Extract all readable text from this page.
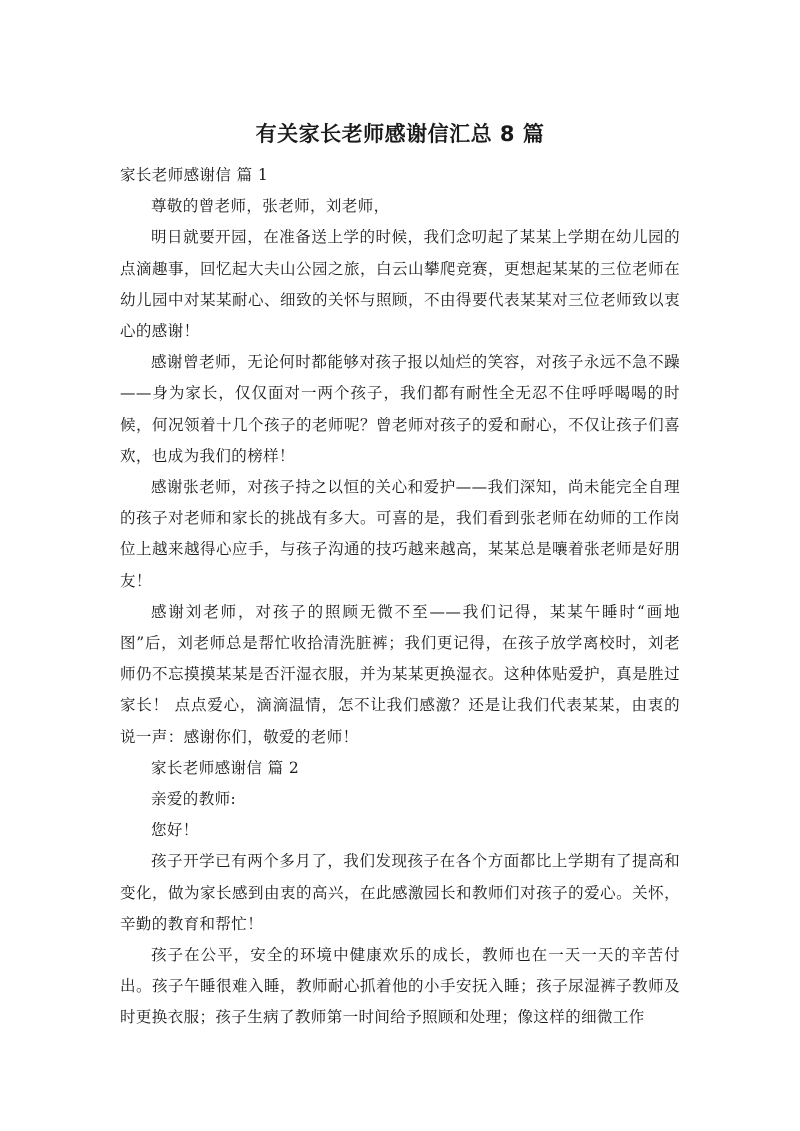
有关家长老师感谢信汇总 8 篇
家长老师感谢信 篇 1

尊敬的曾老师，张老师，刘老师，

明日就要开园，在准备送上学的时候，我们念叨起了某某上学期在幼儿园的点滴趣事，回忆起大夫山公园之旅，白云山攀爬竞赛，更想起某某的三位老师在幼儿园中对某某耐心、细致的关怀与照顾，不由得要代表某某对三位老师致以衷心的感谢！

感谢曾老师，无论何时都能够对孩子报以灿烂的笑容，对孩子永远不急不躁——身为家长，仅仅面对一两个孩子，我们都有耐性全无忍不住呼呼喝喝的时候，何况领着十几个孩子的老师呢？曾老师对孩子的爱和耐心，不仅让孩子们喜欢，也成为我们的榜样！

感谢张老师，对孩子持之以恒的关心和爱护——我们深知，尚未能完全自理的孩子对老师和家长的挑战有多大。可喜的是，我们看到张老师在幼师的工作岗位上越来越得心应手，与孩子沟通的技巧越来越高，某某总是嚷着张老师是好朋友！

感谢刘老师，对孩子的照顾无微不至——我们记得，某某午睡时“画地图”后，刘老师总是帮忙收拾清洗脏裤；我们更记得，在孩子放学离校时，刘老师仍不忘摸摸某某是否汗湿衣服，并为某某更换湿衣。这种体贴爱护，真是胜过家长！ 点点爱心，滴滴温情，怎不让我们感激？还是让我们代表某某，由衷的说一声：感谢你们，敬爱的老师！

家长老师感谢信 篇 2

亲爱的教师:

您好！

孩子开学已有两个多月了，我们发现孩子在各个方面都比上学期有了提高和变化，做为家长感到由衷的高兴，在此感激园长和教师们对孩子的爱心。关怀，辛勤的教育和帮忙！

孩子在公平，安全的环境中健康欢乐的成长，教师也在一天一天的辛苦付出。孩子午睡很难入睡，教师耐心抓着他的小手安抚入睡；孩子尿湿裤子教师及时更换衣服；孩子生病了教师第一时间给予照顾和处理；像这样的细微工作
